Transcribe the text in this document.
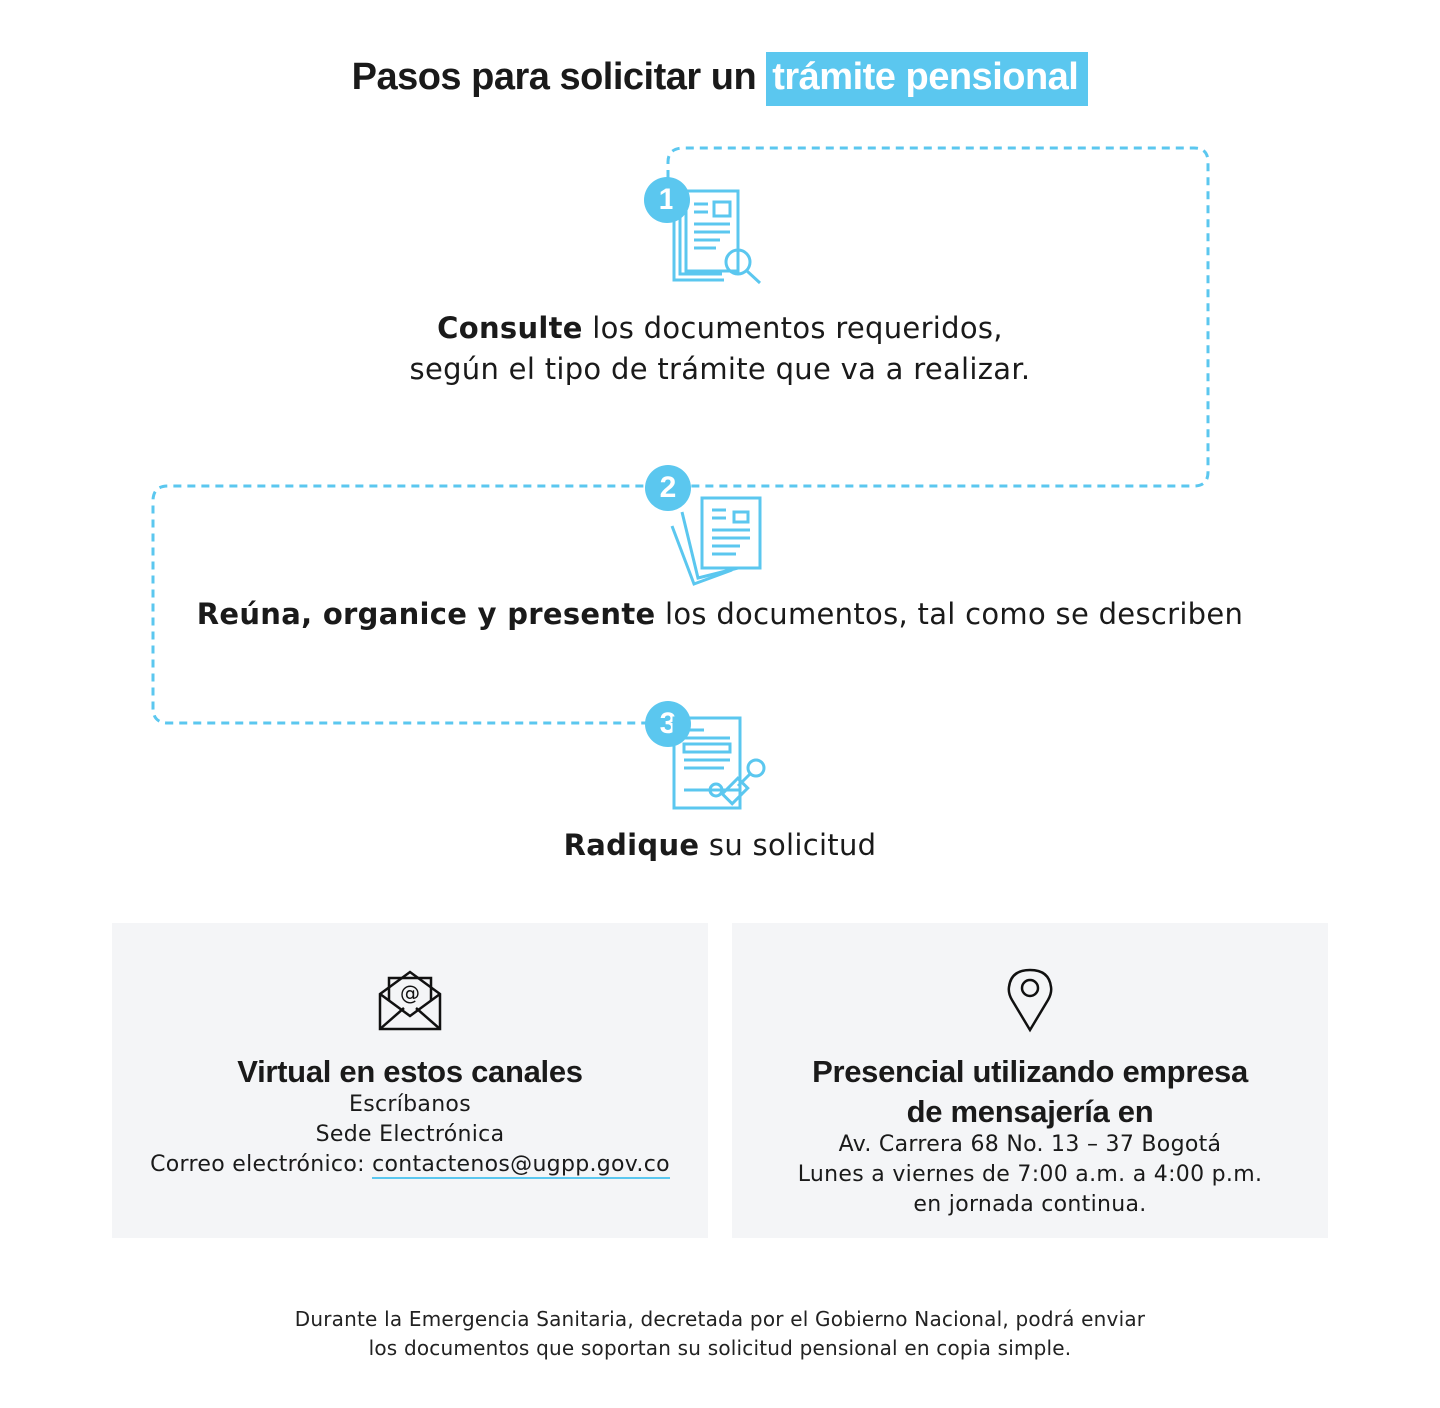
Pasos para solicitar un trámite pensional
1
Consulte los documentos requeridos,
según el tipo de trámite que va a realizar.
2
Reúna, organice y presente los documentos, tal como se describen
3
Radique su solicitud
@
Virtual en estos canales
Escríbanos
Sede Electrónica
Correo electrónico: contactenos@ugpp.gov.co
Presencial utilizando empresa
de mensajería en
Av. Carrera 68 No. 13 – 37 Bogotá
Lunes a viernes de 7:00 a.m. a 4:00 p.m.
en jornada continua.
Durante la Emergencia Sanitaria, decretada por el Gobierno Nacional, podrá enviar
los documentos que soportan su solicitud pensional en copia simple.
